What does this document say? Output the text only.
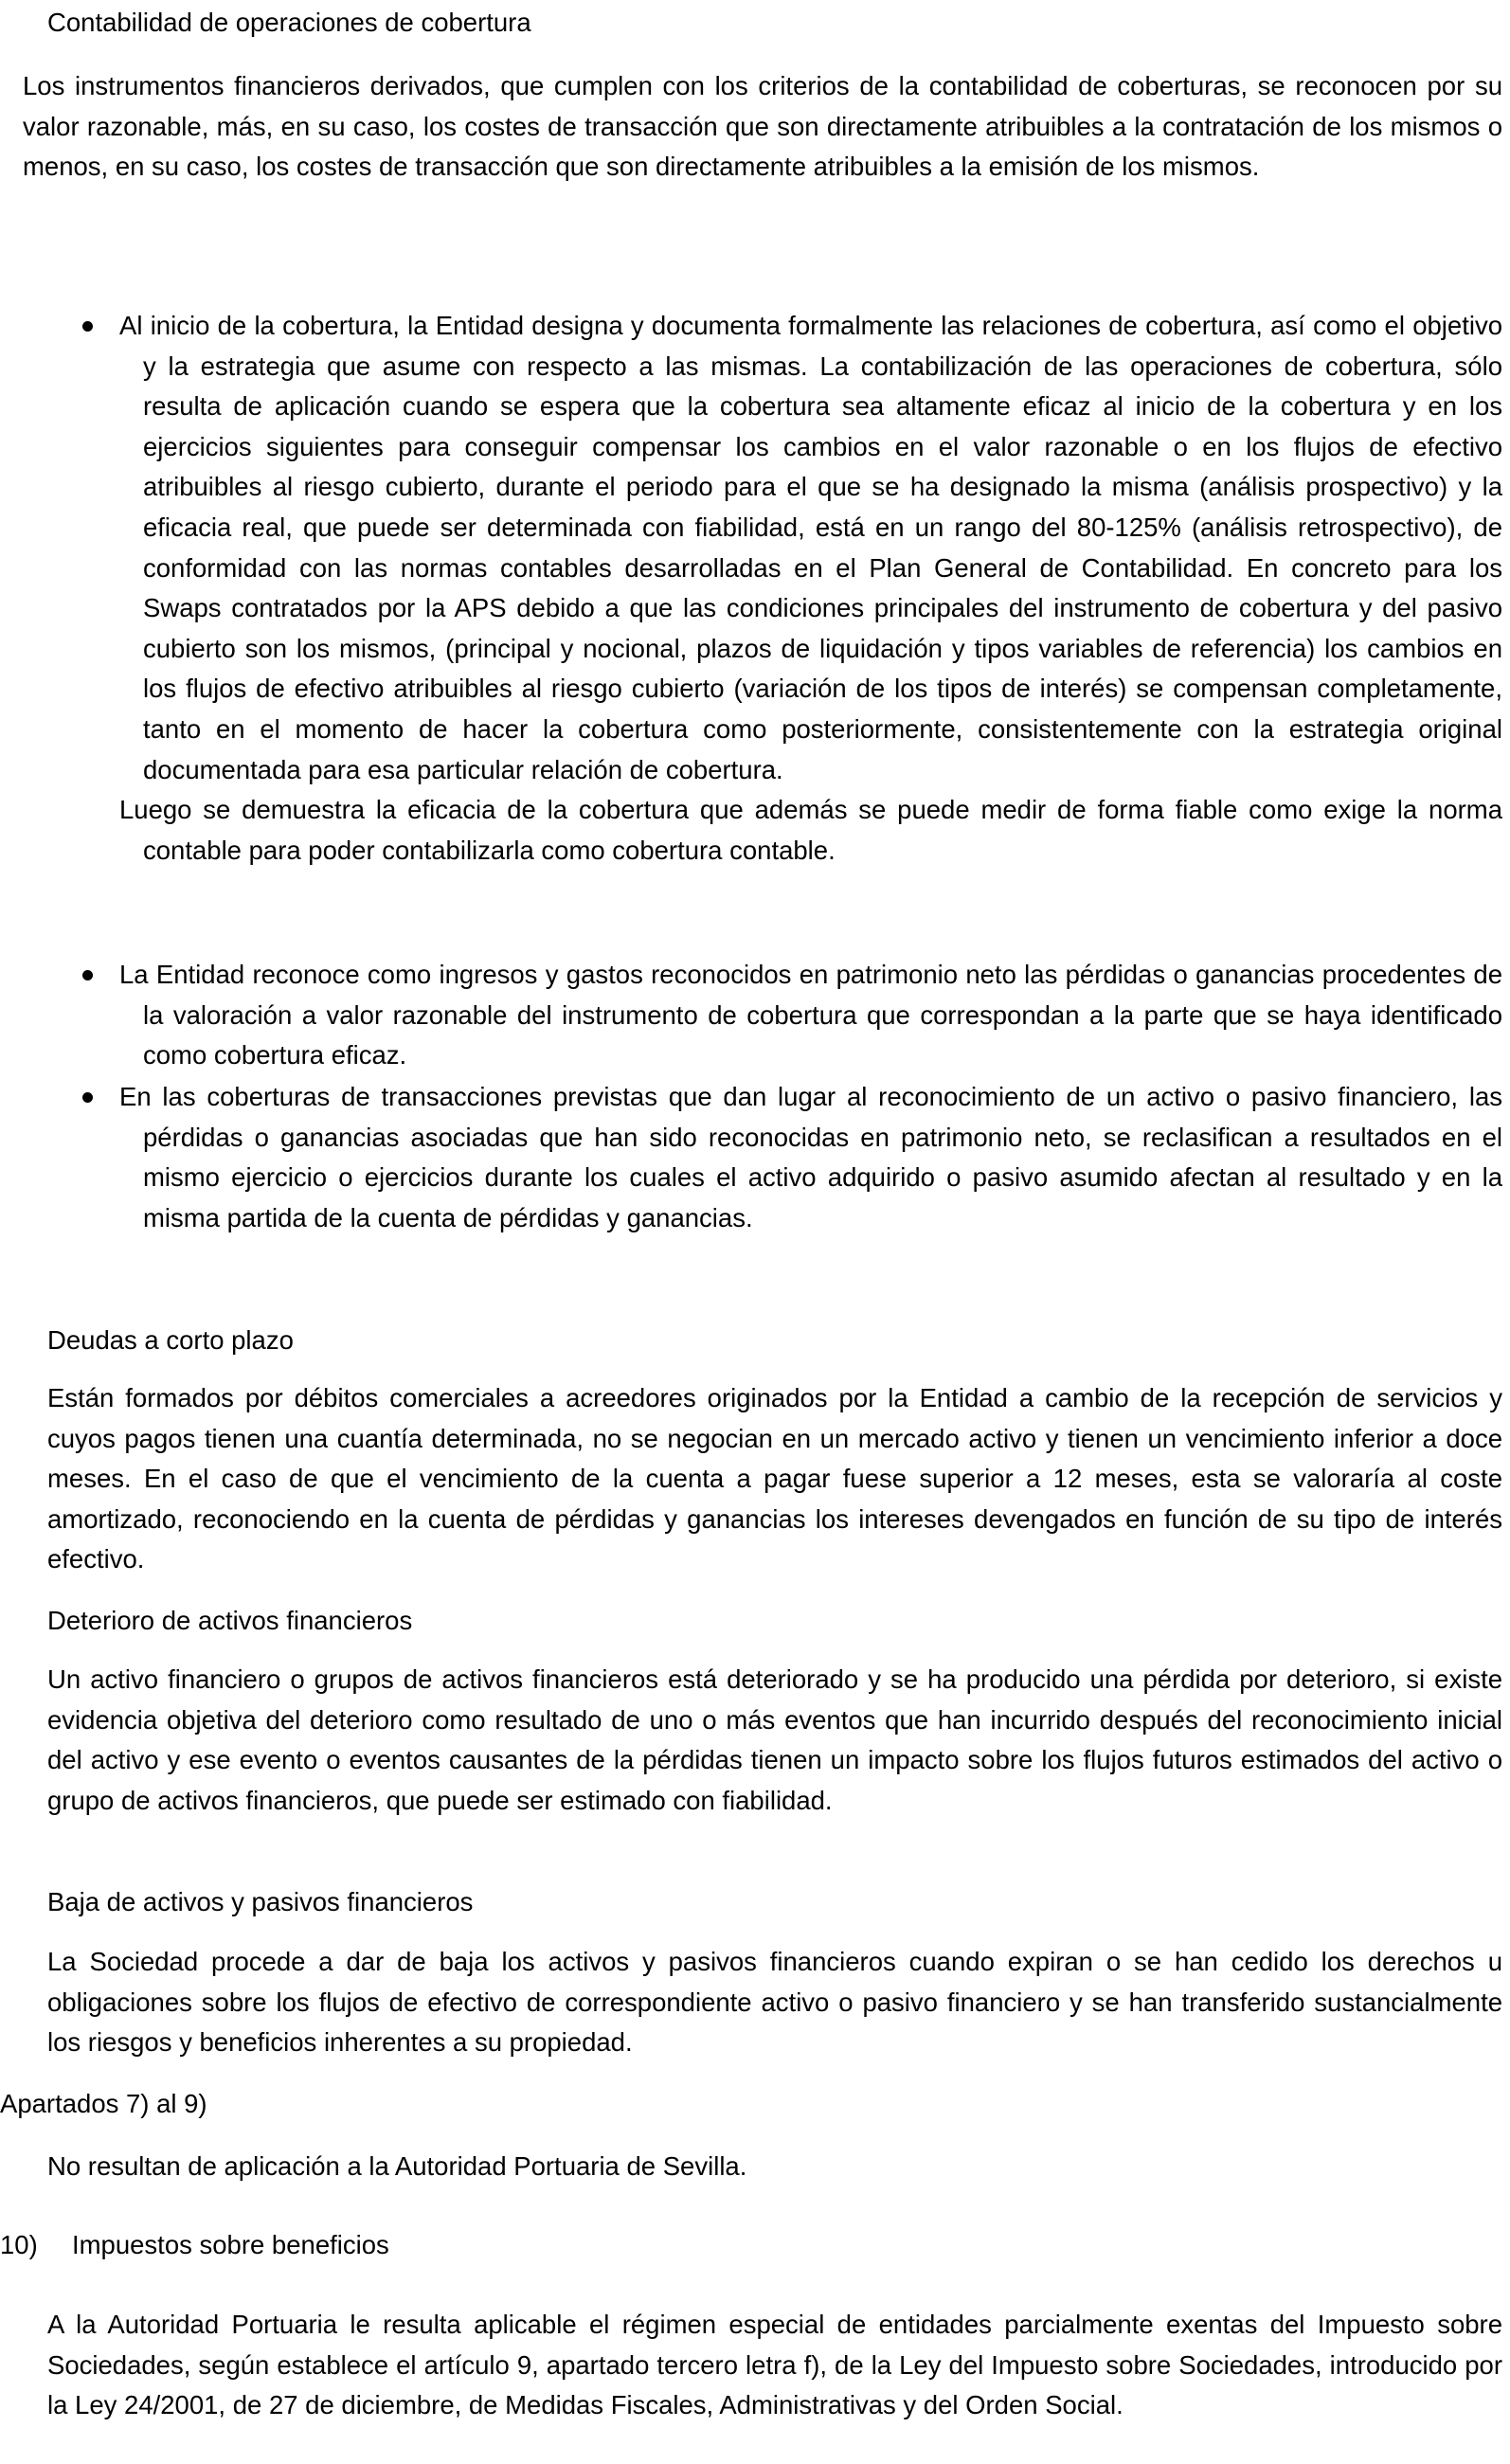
Contabilidad de operaciones de cobertura
Los instrumentos financieros derivados, que cumplen con los criterios de la contabilidad de coberturas, se reconocen por su valor razonable, más, en su caso, los costes de transacción que son directamente atribuibles a la contratación de los mismos o menos, en su caso, los costes de transacción que son directamente atribuibles a la emisión de los mismos.
Al inicio de la cobertura, la Entidad designa y documenta formalmente las relaciones de cobertura, así como el objetivo y la estrategia que asume con respecto a las mismas. La contabilización de las operaciones de cobertura, sólo resulta de aplicación cuando se espera que la cobertura sea altamente eficaz al inicio de la cobertura y en los ejercicios siguientes para conseguir compensar los cambios en el valor razonable o en los flujos de efectivo atribuibles al riesgo cubierto, durante el periodo para el que se ha designado la misma (análisis prospectivo) y la eficacia real, que puede ser determinada con fiabilidad, está en un rango del 80-125% (análisis retrospectivo), de conformidad con las normas contables desarrolladas en el Plan General de Contabilidad. En concreto para los Swaps contratados por la APS debido a que las condiciones principales del instrumento de cobertura y del pasivo cubierto son los mismos, (principal y nocional, plazos de liquidación y tipos variables de referencia) los cambios en los flujos de efectivo atribuibles al riesgo cubierto (variación de los tipos de interés) se compensan completamente, tanto en el momento de hacer la cobertura como posteriormente, consistentemente con la estrategia original documentada para esa particular relación de cobertura.
Luego se demuestra la eficacia de la cobertura que además se puede medir de forma fiable como exige la norma contable para poder contabilizarla como cobertura contable.
La Entidad reconoce como ingresos y gastos reconocidos en patrimonio neto las pérdidas o ganancias procedentes de la valoración a valor razonable del instrumento de cobertura que correspondan a la parte que se haya identificado como cobertura eficaz.
En las coberturas de transacciones previstas que dan lugar al reconocimiento de un activo o pasivo financiero, las pérdidas o ganancias asociadas que han sido reconocidas en patrimonio neto, se reclasifican a resultados en el mismo ejercicio o ejercicios durante los cuales el activo adquirido o pasivo asumido afectan al resultado y en la misma partida de la cuenta de pérdidas y ganancias.
Deudas a corto plazo
Están formados por débitos comerciales a acreedores originados por la Entidad a cambio de la recepción de servicios y cuyos pagos tienen una cuantía determinada, no se negocian en un mercado activo y tienen un vencimiento inferior a doce meses. En el caso de que el vencimiento de la cuenta a pagar fuese superior a 12 meses, esta se valoraría al coste amortizado, reconociendo en la cuenta de pérdidas y ganancias los intereses devengados en función de su tipo de interés efectivo.
Deterioro de activos financieros
Un activo financiero o grupos de activos financieros está deteriorado y se ha producido una pérdida por deterioro, si existe evidencia objetiva del deterioro como resultado de uno o más eventos que han incurrido después del reconocimiento inicial del activo y ese evento o eventos causantes de la pérdidas tienen un impacto sobre los flujos futuros estimados del activo o grupo de activos financieros, que puede ser estimado con fiabilidad.
Baja de activos y pasivos financieros
La Sociedad procede a dar de baja los activos y pasivos financieros cuando expiran o se han cedido los derechos u obligaciones sobre los flujos de efectivo de correspondiente activo o pasivo financiero y se han transferido sustancialmente los riesgos y beneficios inherentes a su propiedad.
Apartados 7) al 9)
No resultan de aplicación a la Autoridad Portuaria de Sevilla.
10) Impuestos sobre beneficios
A la Autoridad Portuaria le resulta aplicable el régimen especial de entidades parcialmente exentas del Impuesto sobre Sociedades, según establece el artículo 9, apartado tercero letra f), de la Ley del Impuesto sobre Sociedades, introducido por la Ley 24/2001, de 27 de diciembre, de Medidas Fiscales, Administrativas y del Orden Social.
